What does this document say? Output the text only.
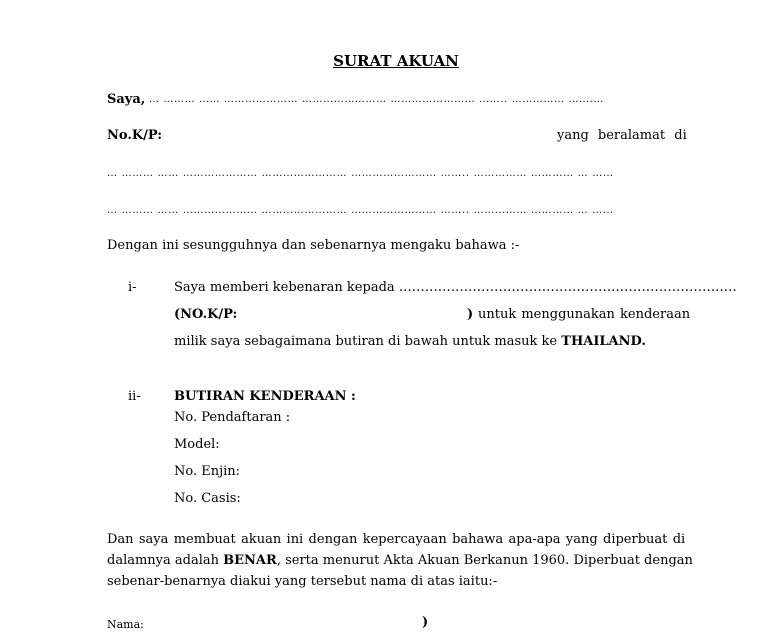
SURAT AKUAN
Saya, … ……… …… ………………… …………………… …………………… …….. …………… …….…
No.K/P:	yang beralamat di
… ……… …… ………………… …………………… …………………… …….. …………… ………… … ……
… ……… …… ………………… …………………… …………………… …….. …………… ………… … ……
Dengan ini sesungguhnya dan sebenarnya mengaku bahawa :-
i-	Saya memberi kebenaran kepada ……………………………………………………………………
(NO.K/P:	) untuk menggunakan kenderaan
milik saya sebagaimana butiran di bawah untuk masuk ke THAILAND.
ii-	BUTIRAN KENDERAAN :
No. Pendaftaran :
Model:
No. Enjin:
No. Casis:
Dan saya membuat akuan ini dengan kepercayaan bahawa apa-apa yang diperbuat di
dalamnya adalah BENAR, serta menurut Akta Akuan Berkanun 1960. Diperbuat dengan
sebenar-benarnya diakui yang tersebut nama di atas iaitu:-
Nama:	)
